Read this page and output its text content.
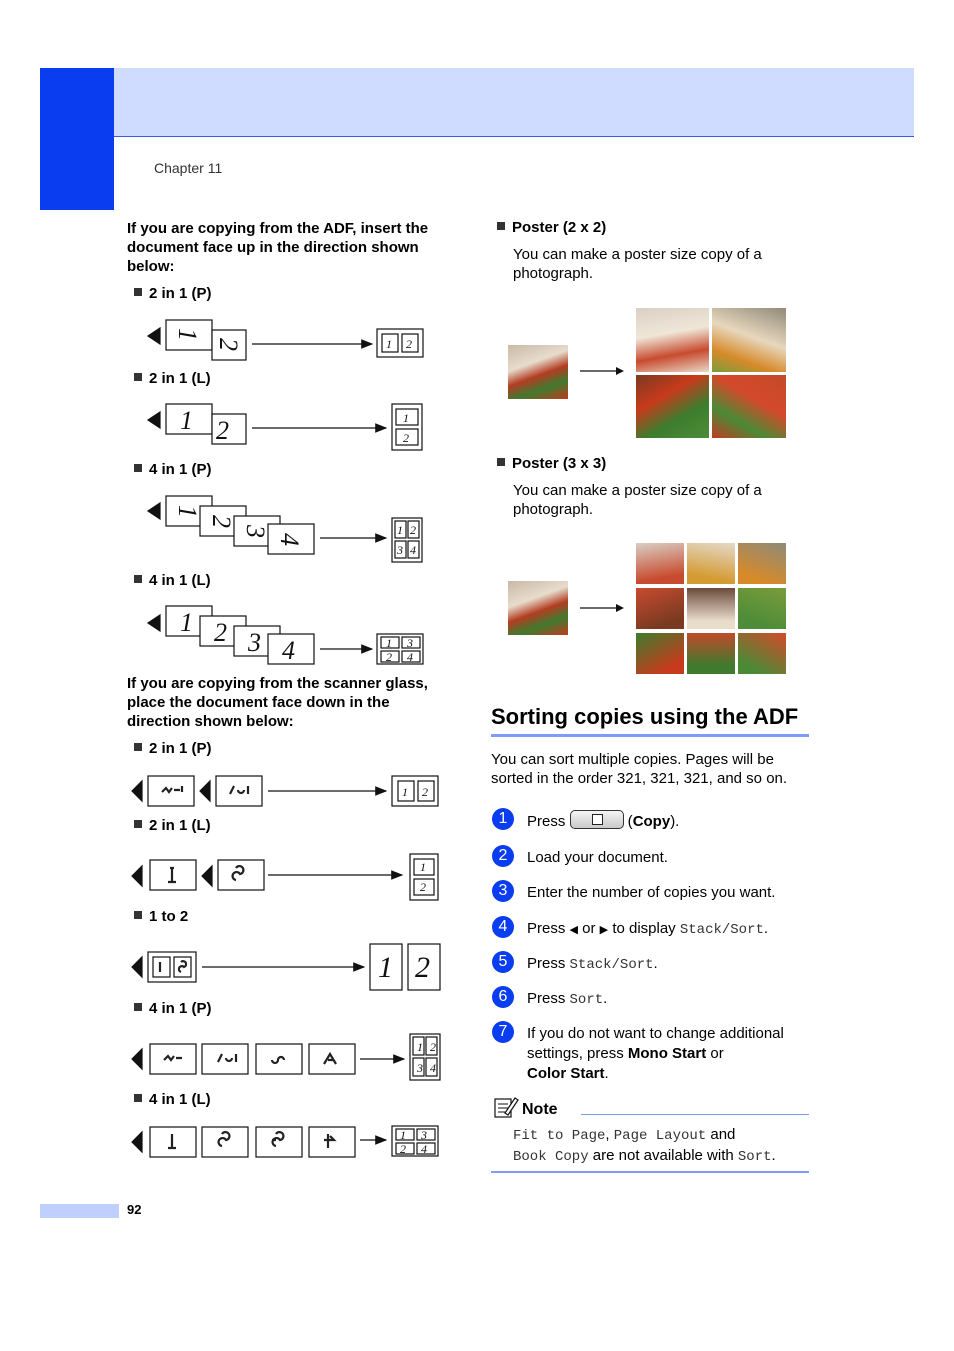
Chapter 11
If you are copying from the ADF, insert the document face up in the direction shown below:
2 in 1 (P)
2 in 1 (L)
4 in 1 (P)
4 in 1 (L)
1
2
1 2
1
2
3
4
1 2 3 4
1 2
1
2
1 2
3 4
1 3
2 4
If you are copying from the scanner glass, place the document face down in the direction shown below:
2 in 1 (P)
2 in 1 (L)
1 to 2
4 in 1 (P)
4 in 1 (L)
1 2
1
2
1 2
3 4
1 3
2 4
1 2
Poster (2 x 2)
You can make a poster size copy of a photograph.
Poster (3 x 3)
You can make a poster size copy of a photograph.
Sorting copies using the ADF
You can sort multiple copies. Pages will be sorted in the order 321, 321, 321, and so on.
1	Press	(Copy).
2	Load your document.
3	Enter the number of copies you want.
4	Press ◀ or ▶ to display Stack/Sort.
5	Press Stack/Sort.
6	Press Sort.
7	If you do not want to change additional
settings, press Mono Start or
Color Start.
Note
Fit to Page, Page Layout and
Book Copy are not available with Sort.
92
